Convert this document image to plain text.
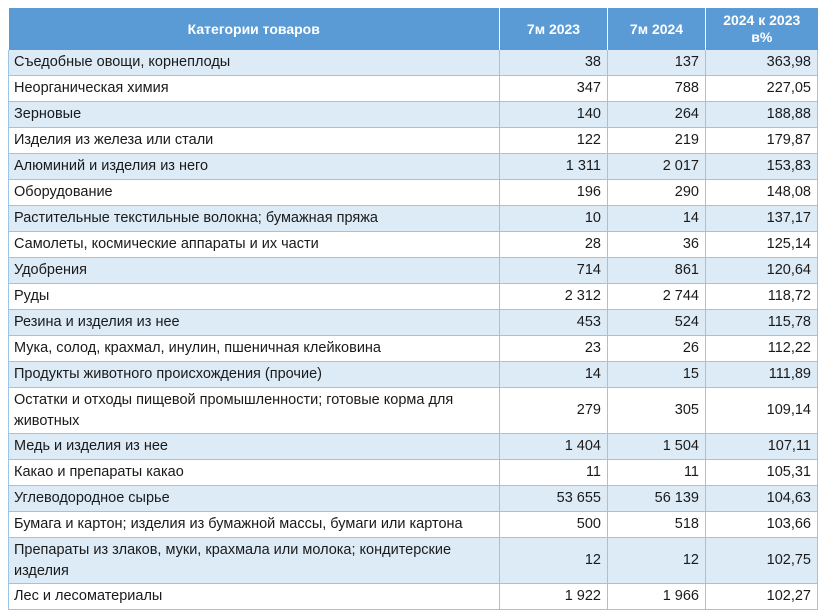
Категории товаров	7м 2023	7м 2024	2024 к 2023 в%
Съедобные овощи, корнеплоды	38	137	363,98
Неорганическая химия	347	788	227,05
Зерновые	140	264	188,88
Изделия из железа или стали	122	219	179,87
Алюминий и изделия из него	1 311	2 017	153,83
Оборудование	196	290	148,08
Растительные текстильные волокна; бумажная пряжа	10	14	137,17
Самолеты, космические аппараты и их части	28	36	125,14
Удобрения	714	861	120,64
Руды	2 312	2 744	118,72
Резина и изделия из нее	453	524	115,78
Мука, солод, крахмал, инулин, пшеничная клейковина	23	26	112,22
Продукты животного происхождения (прочие)	14	15	111,89
Остатки и отходы пищевой промышленности; готовые корма для животных	279	305	109,14
Медь и изделия из нее	1 404	1 504	107,11
Какао и препараты какао	11	11	105,31
Углеводородное сырье	53 655	56 139	104,63
Бумага и картон; изделия из бумажной массы, бумаги или картона	500	518	103,66
Препараты из злаков, муки, крахмала или молока; кондитерские изделия	12	12	102,75
Лес и лесоматериалы	1 922	1 966	102,27
